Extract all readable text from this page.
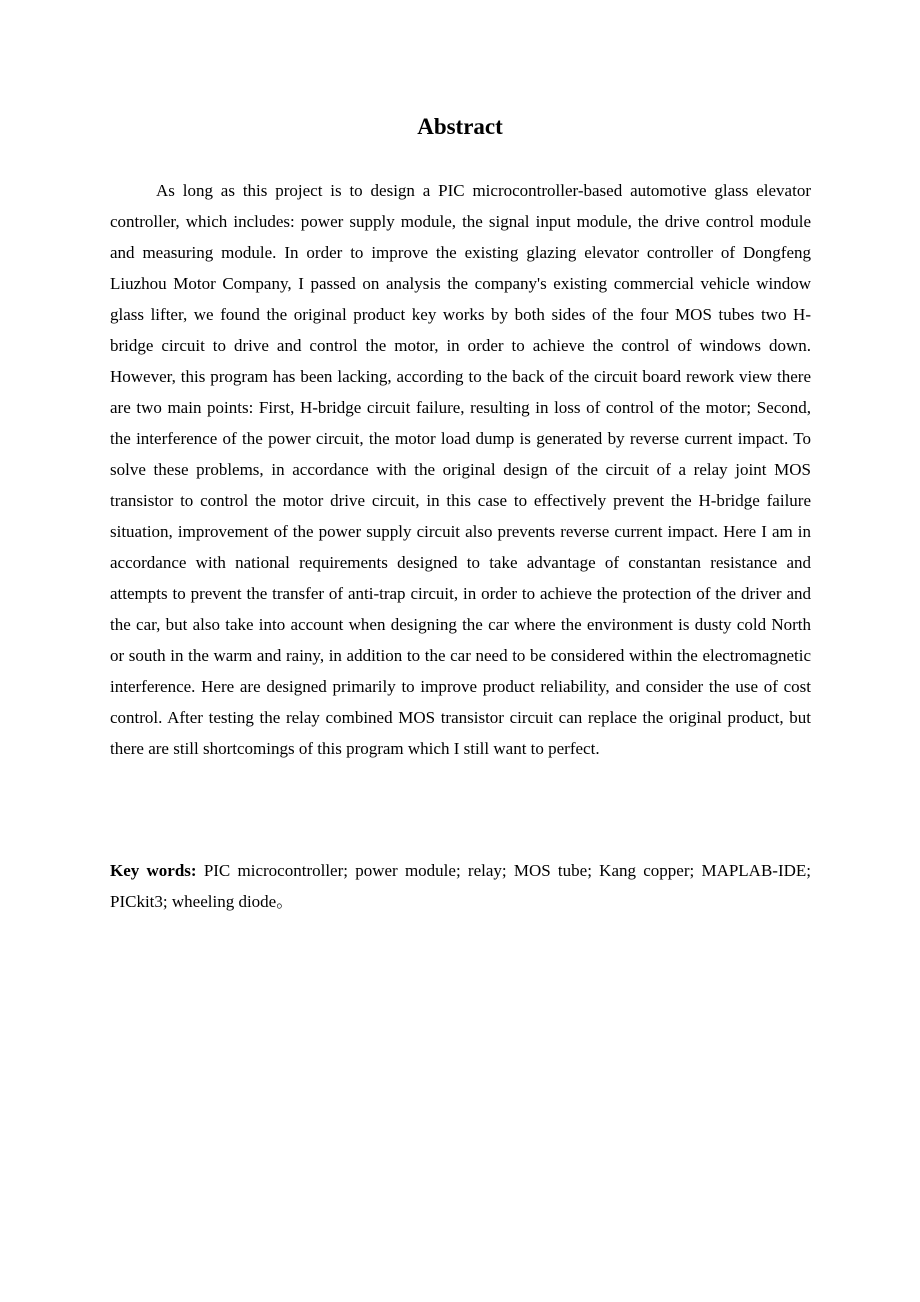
Abstract

As long as this project is to design a PIC microcontroller-based automotive glass elevator controller, which includes: power supply module, the signal input module, the drive control module and measuring module. In order to improve the existing glazing elevator controller of Dongfeng Liuzhou Motor Company, I passed on analysis the company's existing commercial vehicle window glass lifter, we found the original product key works by both sides of the four MOS tubes two H-bridge circuit to drive and control the motor, in order to achieve the control of windows down. However, this program has been lacking, according to the back of the circuit board rework view there are two main points: First, H-bridge circuit failure, resulting in loss of control of the motor; Second, the interference of the power circuit, the motor load dump is generated by reverse current impact. To solve these problems, in accordance with the original design of the circuit of a relay joint MOS transistor to control the motor drive circuit, in this case to effectively prevent the H-bridge failure situation, improvement of the power supply circuit also prevents reverse current impact. Here I am in accordance with national requirements designed to take advantage of constantan resistance and attempts to prevent the transfer of anti-trap circuit, in order to achieve the protection of the driver and the car, but also take into account when designing the car where the environment is dusty cold North or south in the warm and rainy, in addition to the car need to be considered within the electromagnetic interference. Here are designed primarily to improve product reliability, and consider the use of cost control. After testing the relay combined MOS transistor circuit can replace the original product, but there are still shortcomings of this program which I still want to perfect.

Key words: PIC microcontroller; power module; relay; MOS tube; Kang copper; MAPLAB-IDE; PICkit3; wheeling diode。
